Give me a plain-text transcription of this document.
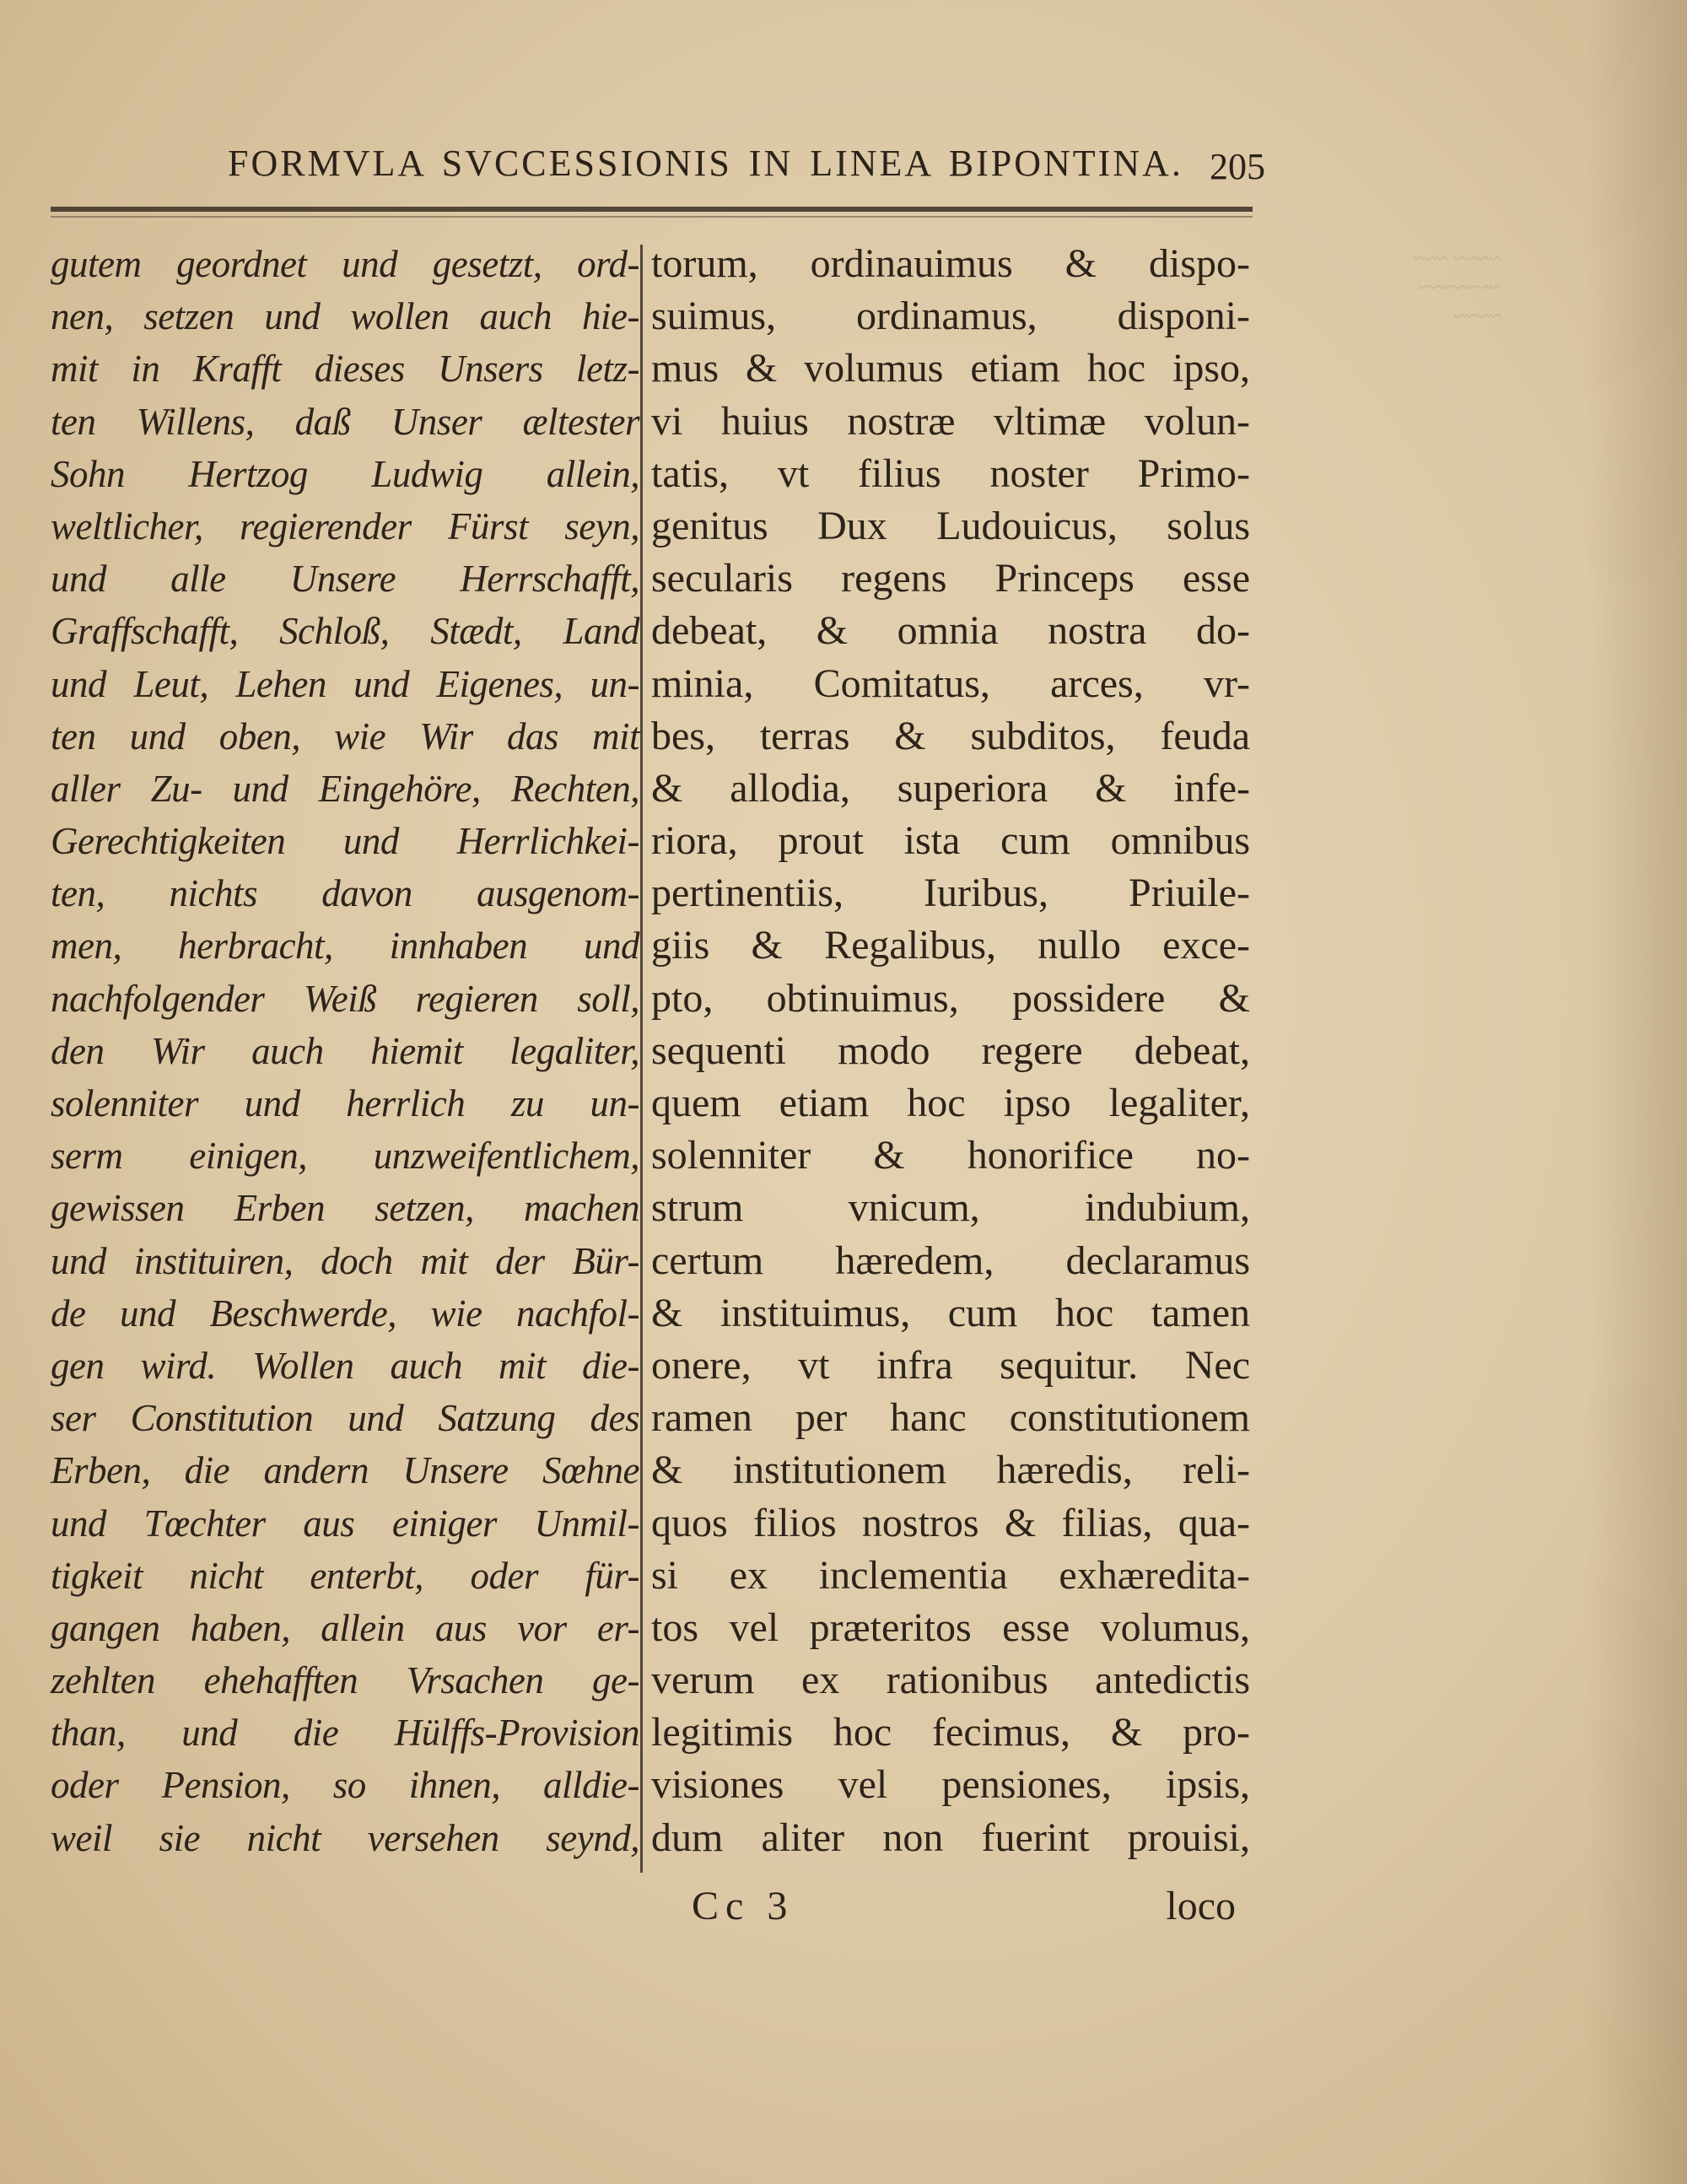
~~~~ ~~~
~~~~~~~
~~~~
FORMVLA SVCCESSIONIS IN LINEA BIPONTINA. 205
gutem geordnet und gesetzt, ord-
nen, setzen und wollen auch hie-
mit in Krafft dieses Unsers letz-
ten Willens, daß Unser æltester
Sohn Hertzog Ludwig allein,
weltlicher, regierender Fürst seyn,
und alle Unsere Herrschafft,
Graffschafft, Schloß, Stædt, Land
und Leut, Lehen und Eigenes, un-
ten und oben, wie Wir das mit
aller Zu- und Eingehöre, Rechten,
Gerechtigkeiten und Herrlichkei-
ten, nichts davon ausgenom-
men, herbracht, innhaben und
nachfolgender Weiß regieren soll,
den Wir auch hiemit legaliter,
solenniter und herrlich zu un-
serm einigen, unzweifentlichem,
gewissen Erben setzen, machen
und instituiren, doch mit der Bür-
de und Beschwerde, wie nachfol-
gen wird. Wollen auch mit die-
ser Constitution und Satzung des
Erben, die andern Unsere Sœhne
und Tœchter aus einiger Unmil-
tigkeit nicht enterbt, oder für-
gangen haben, allein aus vor er-
zehlten ehehafften Vrsachen ge-
than, und die Hülffs-Provision
oder Pension, so ihnen, alldie-
weil sie nicht versehen seynd,
torum, ordinauimus & dispo-
suimus, ordinamus, disponi-
mus & volumus etiam hoc ipso,
vi huius nostræ vltimæ volun-
tatis, vt filius noster Primo-
genitus Dux Ludouicus, solus
secularis regens Princeps esse
debeat, & omnia nostra do-
minia, Comitatus, arces, vr-
bes, terras & subditos, feuda
& allodia, superiora & infe-
riora, prout ista cum omnibus
pertinentiis, Iuribus, Priuile-
giis & Regalibus, nullo exce-
pto, obtinuimus, possidere &
sequenti modo regere debeat,
quem etiam hoc ipso legaliter,
solenniter & honorifice no-
strum vnicum, indubium,
certum hæredem, declaramus
& instituimus, cum hoc tamen
onere, vt infra sequitur. Nec
ramen per hanc constitutionem
& institutionem hæredis, reli-
quos filios nostros & filias, qua-
si ex inclementia exhæredita-
tos vel præteritos esse volumus,
verum ex rationibus antedictis
legitimis hoc fecimus, & pro-
visiones vel pensiones, ipsis,
dum aliter non fuerint prouisi,
Cc 3	loco
